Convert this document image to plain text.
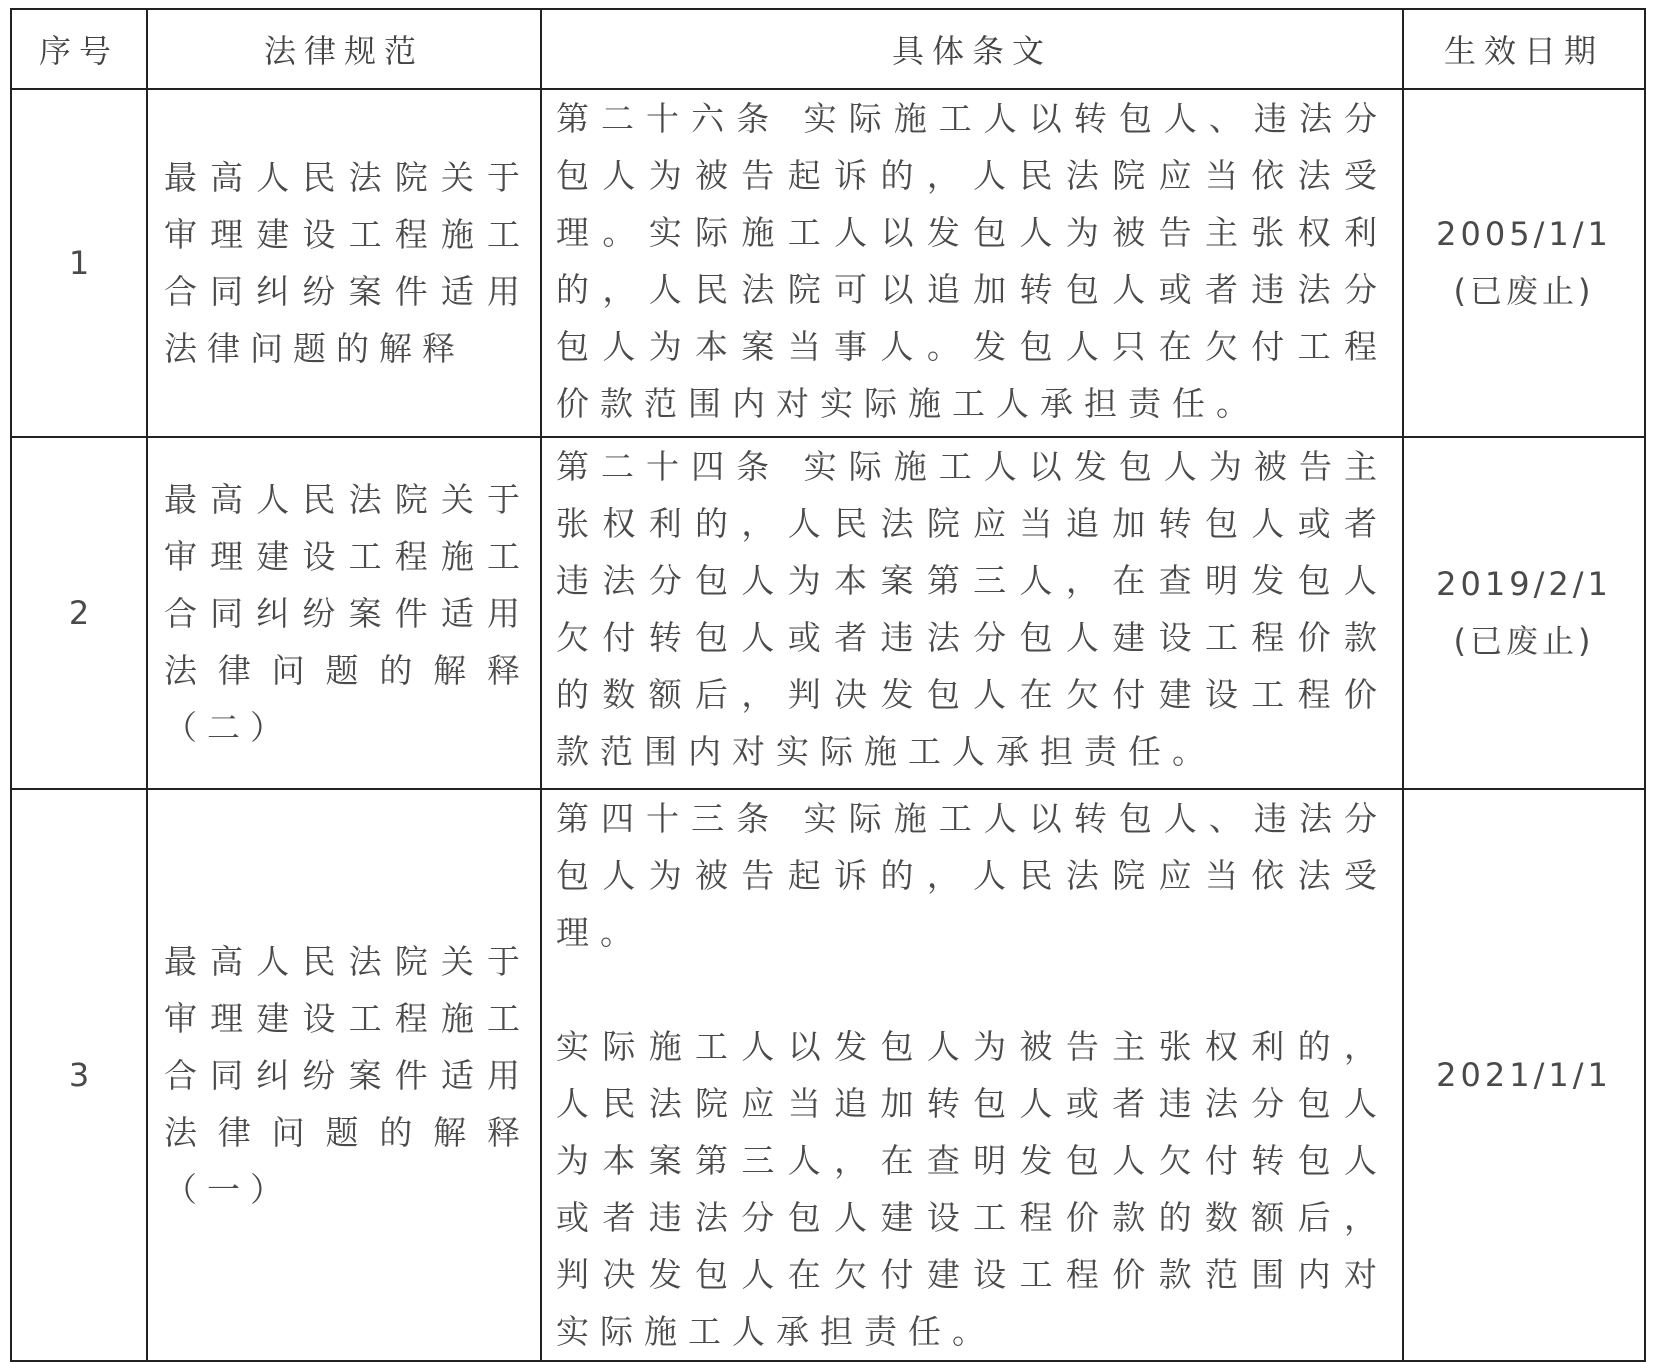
序号	法律规范	具体条文	生效日期
1	最高人民法院关于审理建设工程施工合同纠纷案件适用法律问题的解释	第二十六条 实际施工人以转包人、违法分包人为被告起诉的，人民法院应当依法受理。实际施工人以发包人为被告主张权利的，人民法院可以追加转包人或者违法分包人为本案当事人。发包人只在欠付工程价款范围内对实际施工人承担责任。	2005/1/1
(已废止)

2	最高人民法院关于审理建设工程施工合同纠纷案件适用法律问题的解释（二）	第二十四条 实际施工人以发包人为被告主张权利的，人民法院应当追加转包人或者违法分包人为本案第三人，在查明发包人欠付转包人或者违法分包人建设工程价款的数额后，判决发包人在欠付建设工程价款范围内对实际施工人承担责任。	2019/2/1
(已废止)

3	最高人民法院关于审理建设工程施工合同纠纷案件适用法律问题的解释（一）	第四十三条 实际施工人以转包人、违法分包人为被告起诉的，人民法院应当依法受理。
实际施工人以发包人为被告主张权利的，人民法院应当追加转包人或者违法分包人为本案第三人，在查明发包人欠付转包人或者违法分包人建设工程价款的数额后，判决发包人在欠付建设工程价款范围内对实际施工人承担责任。	2021/1/1
